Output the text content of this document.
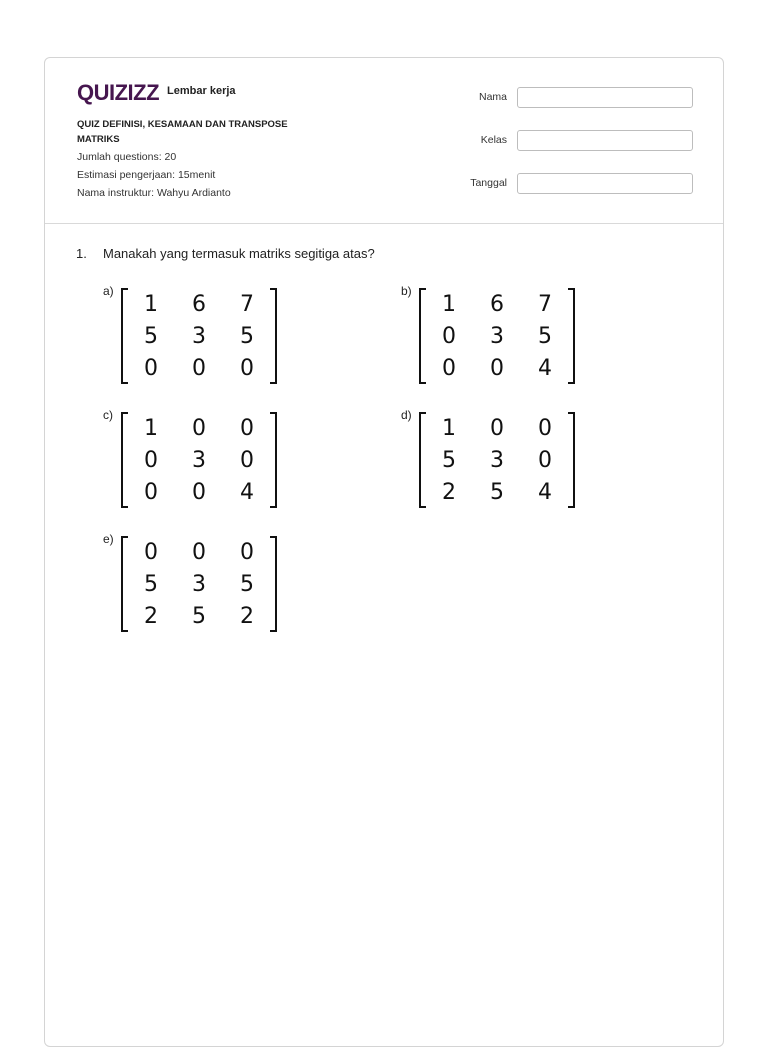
QUIZIZZ Lembar kerja
QUIZ DEFINISI, KESAMAAN DAN TRANSPOSE MATRIKS
Jumlah questions: 20
Estimasi pengerjaan: 15menit
Nama instruktur: Wahyu Ardianto
Nama
Kelas
Tanggal
1. Manakah yang termasuk matriks segitiga atas?
a)
1	6	7
5	3	5
0	0	0
b)
1	6	7
0	3	5
0	0	4
c)
1	0	0
0	3	0
0	0	4
d)
1	0	0
5	3	0
2	5	4
e)
0	0	0
5	3	5
2	5	2
